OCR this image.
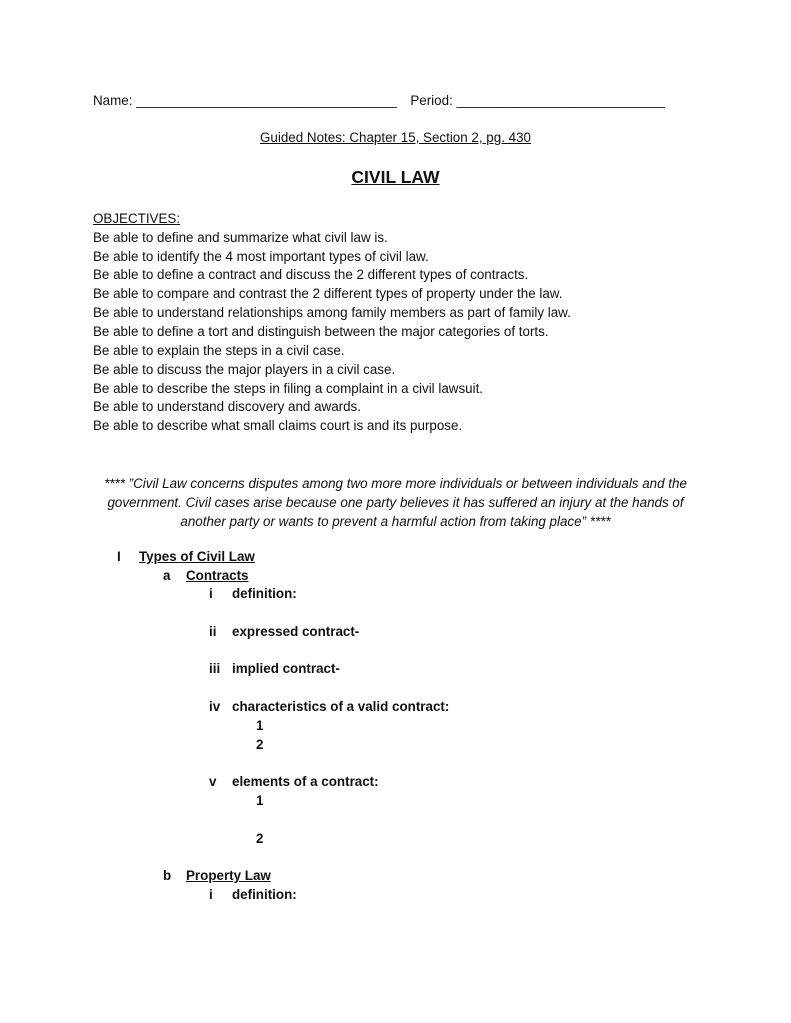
Name: ___________________________________ Period: ____________________________
Guided Notes: Chapter 15, Section 2, pg. 430
CIVIL LAW
OBJECTIVES:
Be able to define and summarize what civil law is.
Be able to identify the 4 most important types of civil law.
Be able to define a contract and discuss the 2 different types of contracts.
Be able to compare and contrast the 2 different types of property under the law.
Be able to understand relationships among family members as part of family law.
Be able to define a tort and distinguish between the major categories of torts.
Be able to explain the steps in a civil case.
Be able to discuss the major players in a civil case.
Be able to describe the steps in filing a complaint in a civil lawsuit.
Be able to understand discovery and awards.
Be able to describe what small claims court is and its purpose.
**** ”Civil Law concerns disputes among two more more individuals or between individuals and the government. Civil cases arise because one party believes it has suffered an injury at the hands of another party or wants to prevent a harmful action from taking place” ****
I Types of Civil Law
a Contracts
i definition:
ii expressed contract-
iii implied contract-
iv characteristics of a valid contract:
1
2
v elements of a contract:
1
2
b Property Law
i definition:
